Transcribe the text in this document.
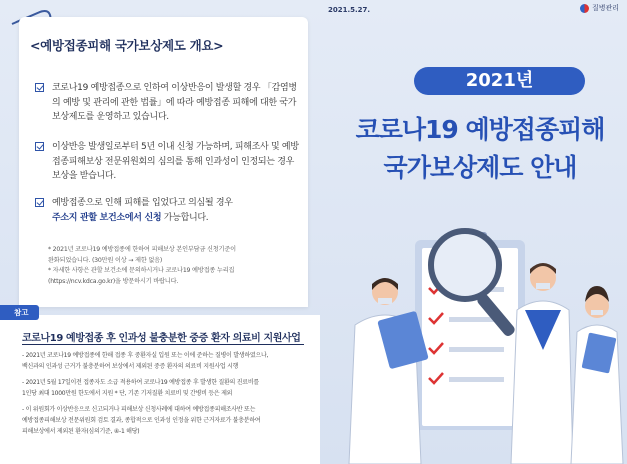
2021.5.27.	질병관리
<예방접종피해 국가보상제도 개요>

코로나19 예방접종으로 인하여 이상반응이 발생할 경우 「감염병의 예방 및 관리에 관한 법률」에 따라 예방접종 피해에 대한 국가보상제도를 운영하고 있습니다.

이상반응 발생일로부터 5년 이내 신청 가능하며, 피해조사 및 예방접종피해보상 전문위원회의 심의를 통해 인과성이 인정되는 경우 보상을 받습니다.

예방접종으로 인해 피해를 입었다고 의심될 경우
주소지 관할 보건소에서 신청 가능합니다.

* 2021년 코로나19 예방접종에 한하여 피해보상 본인부담금 신청기준이
완화되었습니다. (30만원 이상 → 제한 없음)
* 자세한 사항은 관할 보건소에 문의하시거나 코로나19 예방접종 누리집
(https://ncv.kdca.go.kr)을 방문하시기 바랍니다.
참고
코로나19 예방접종 후 인과성 불충분한 중증 환자 의료비 지원사업
- 2021년 코로나19 예방접종에 한해 접종 후 중환자실 입원 또는 이에 준하는 질병이 발생하였으나,
백신과의 인과성 근거가 불충분하여 보상에서 제외된 중증 환자의 의료비 지원사업 시행
- 2021년 5월 17일이전 접종자도 소급 적용하여 코로나19 예방접종 후 발생한 질환의 진료비를
1인당 최대 1000만원 한도에서 지원 * 단, 기존 기저질환 치료비 및 간병비 등은 제외
- 이 위원회가 이상반응으로 신고되거나 피해보상 신청사례에 대하여 예방접종피해조사반 또는
예방접종피해보상 전문위원회 검토 결과, 종합적으로 인과성 인정을 위한 근거자료가 불충분하여
피해보상에서 제외된 환자(심의기준, ④-1 해당)
2021년
코로나19 예방접종피해
국가보상제도 안내
